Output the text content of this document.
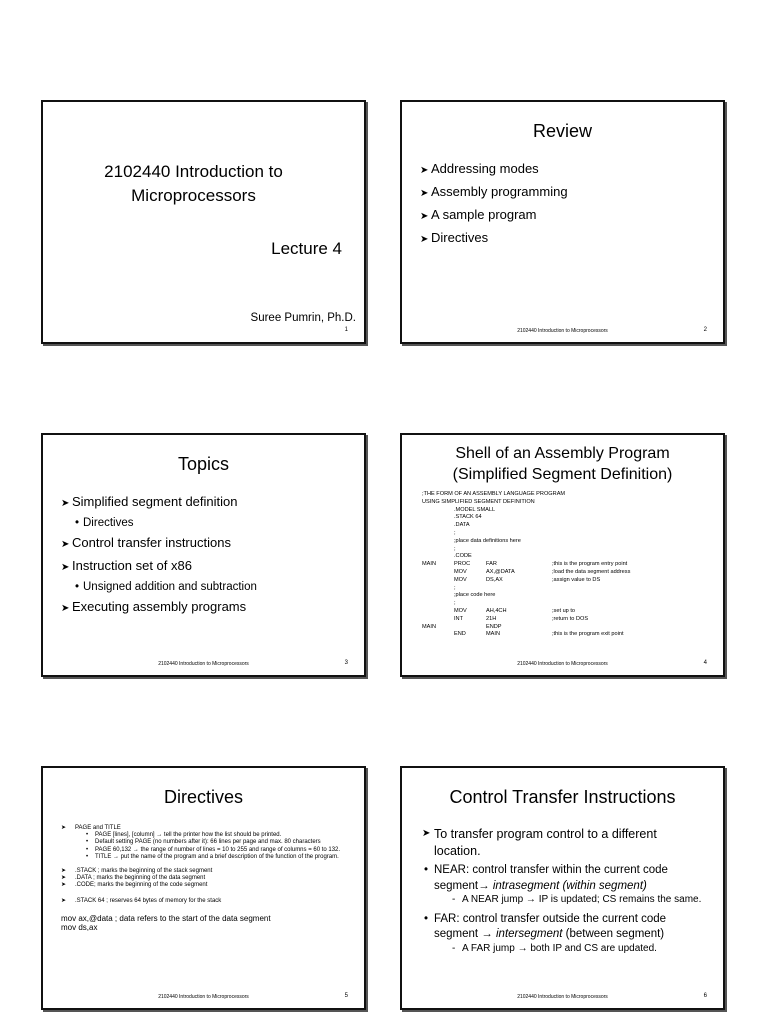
2102440 Introduction to
Microprocessors
Lecture 4
Suree Pumrin, Ph.D.
1
Review
➤ Addressing modes
➤ Assembly programming
➤ A sample program
➤ Directives
2102440 Introduction to Microprocessors	2
Topics
➤ Simplified segment definition
• Directives
➤ Control transfer instructions
➤ Instruction set of x86
• Unsigned addition and subtraction
➤ Executing assembly programs
2102440 Introduction to Microprocessors	3
Shell of an Assembly Program
(Simplified Segment Definition)
;THE FORM OF AN ASSEMBLY LANGUAGE PROGRAM
USING SIMPLIFIED SEGMENT DEFINITION
.MODEL SMALL
.STACK 64
.DATA
;
;place data definitions here
;
.CODE
MAIN	PROC	FAR	;this is the program entry point
MOV	AX,@DATA	;load the data segment address
MOV	DS,AX	;assign value to DS
;
;place code here
;
MOV	AH,4CH	;set up to
INT	21H	;return to DOS
MAIN	ENDP
END	MAIN	;this is the program exit point
2102440 Introduction to Microprocessors	4
Directives
➤ PAGE and TITLE
• PAGE [lines], [column] → tell the printer how the list should be printed.
• Default setting PAGE (no numbers after it): 66 lines per page and max. 80 characters
• PAGE 60,132 → the range of number of lines = 10 to 255 and range of columns = 60 to 132.
• TITLE → put the name of the program and a brief description of the function of the program.
➤ .STACK ; marks the beginning of the stack segment
➤ .DATA ; marks the beginning of the data segment
➤ .CODE; marks the beginning of the code segment
➤ .STACK 64 ; reserves 64 bytes of memory for the stack
mov ax,@data ; data refers to the start of the data segment
mov ds,ax
2102440 Introduction to Microprocessors	5
Control Transfer Instructions
➤ To transfer program control to a different location.
• NEAR: control transfer within the current code segment→ intrasegment (within segment)
- A NEAR jump → IP is updated; CS remains the same.
• FAR: control transfer outside the current code segment → intersegment (between segment)
- A FAR jump → both IP and CS are updated.
2102440 Introduction to Microprocessors	6
